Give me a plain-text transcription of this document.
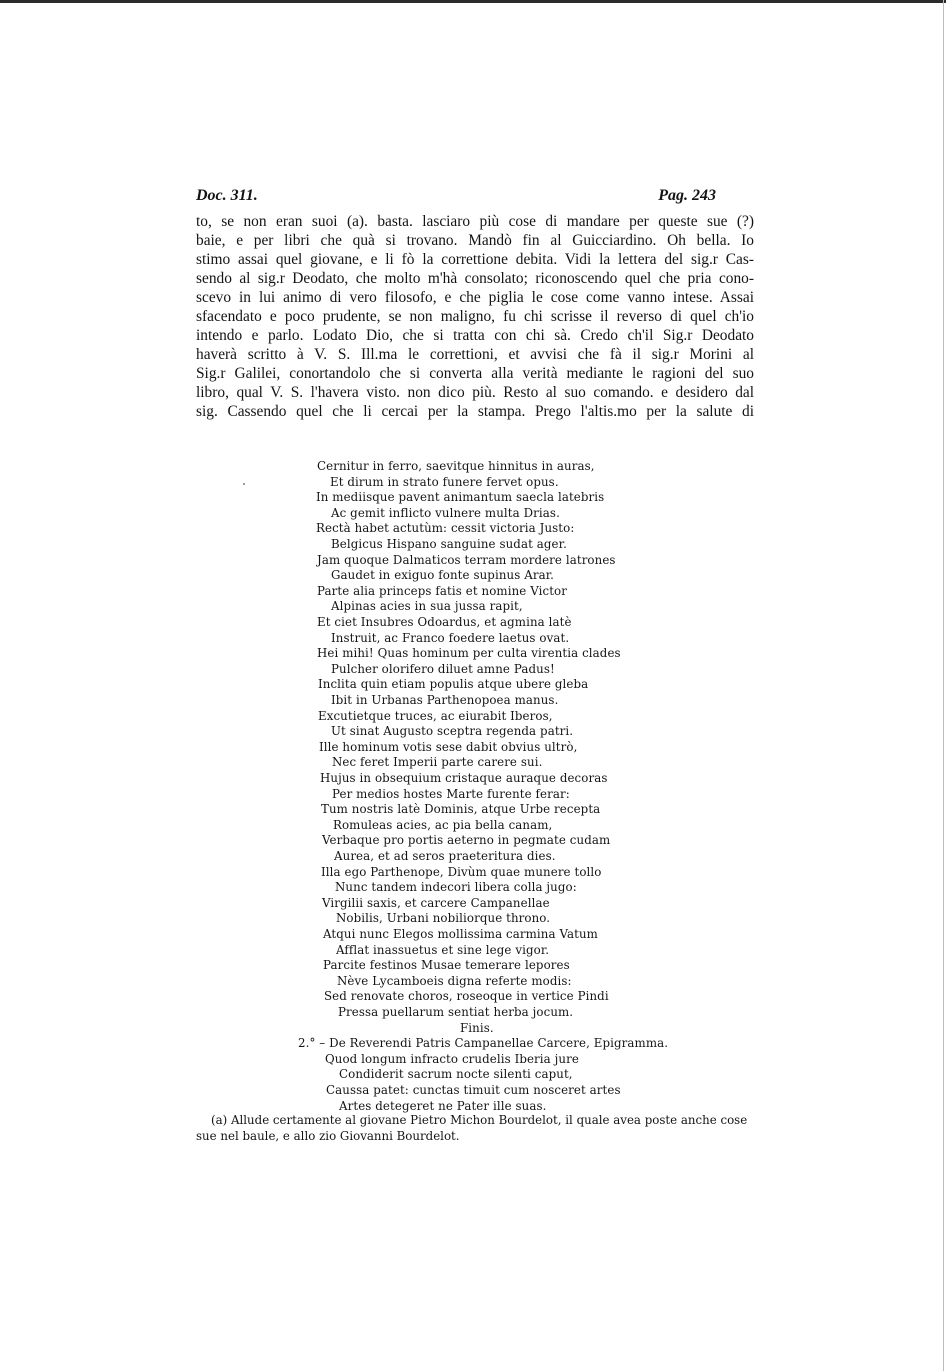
Doc. 311.	Pag. 243
to, se non eran suoi (a). basta. lasciaro più cose di mandare per queste sue (?)
baie, e per libri che quà si trovano. Mandò fin al Guicciardino. Oh bella. Io
stimo assai quel giovane, e li fò la correttione debita. Vidi la lettera del sig.r Cas-
sendo al sig.r Deodato, che molto m'hà consolato; riconoscendo quel che pria cono-
scevo in lui animo di vero filosofo, e che piglia le cose come vanno intese. Assai
sfacendato e poco prudente, se non maligno, fu chi scrisse il reverso di quel ch'io
intendo e parlo. Lodato Dio, che si tratta con chi sà. Credo ch'il Sig.r Deodato
haverà scritto à V. S. Ill.ma le correttioni, et avvisi che fà il sig.r Morini al
Sig.r Galilei, conortandolo che si converta alla verità mediante le ragioni del suo
libro, qual V. S. l'havera visto. non dico più. Resto al suo comando. e desidero dal
sig. Cassendo quel che li cercai per la stampa. Prego l'altis.mo per la salute di
Cernitur in ferro, saevitque hinnitus in auras,
Et dirum in strato funere fervet opus.
In mediisque pavent animantum saecla latebris
Ac gemit inflicto vulnere multa Drias.
Rectà habet actutùm: cessit victoria Justo:
Belgicus Hispano sanguine sudat ager.
Jam quoque Dalmaticos terram mordere latrones
Gaudet in exiguo fonte supinus Arar.
Parte alia princeps fatis et nomine Victor
Alpinas acies in sua jussa rapit,
Et ciet Insubres Odoardus, et agmina latè
Instruit, ac Franco foedere laetus ovat.
Hei mihi! Quas hominum per culta virentia clades
Pulcher olorifero diluet amne Padus!
Inclita quin etiam populis atque ubere gleba
Ibit in Urbanas Parthenopoea manus.
Excutietque truces, ac eiurabit Iberos,
Ut sinat Augusto sceptra regenda patri.
Ille hominum votis sese dabit obvius ultrò,
Nec feret Imperii parte carere sui.
Hujus in obsequium cristaque auraque decoras
Per medios hostes Marte furente ferar:
Tum nostris latè Dominis, atque Urbe recepta
Romuleas acies, ac pia bella canam,
Verbaque pro portis aeterno in pegmate cudam
Aurea, et ad seros praeteritura dies.
Illa ego Parthenope, Divùm quae munere tollo
Nunc tandem indecori libera colla jugo:
Virgilii saxis, et carcere Campanellae
Nobilis, Urbani nobiliorque throno.
Atqui nunc Elegos mollissima carmina Vatum
Afflat inassuetus et sine lege vigor.
Parcite festinos Musae temerare lepores
Nève Lycamboeis digna referte modis:
Sed renovate choros, roseoque in vertice Pindi
Pressa puellarum sentiat herba jocum.
Finis.
2.° – De Reverendi Patris Campanellae Carcere, Epigramma.
Quod longum infracto crudelis Iberia jure
Condiderit sacrum nocte silenti caput,
Caussa patet: cunctas timuit cum nosceret artes
Artes detegeret ne Pater ille suas.
(a) Allude certamente al giovane Pietro Michon Bourdelot, il quale avea poste anche cose
sue nel baule, e allo zio Giovanni Bourdelot.
